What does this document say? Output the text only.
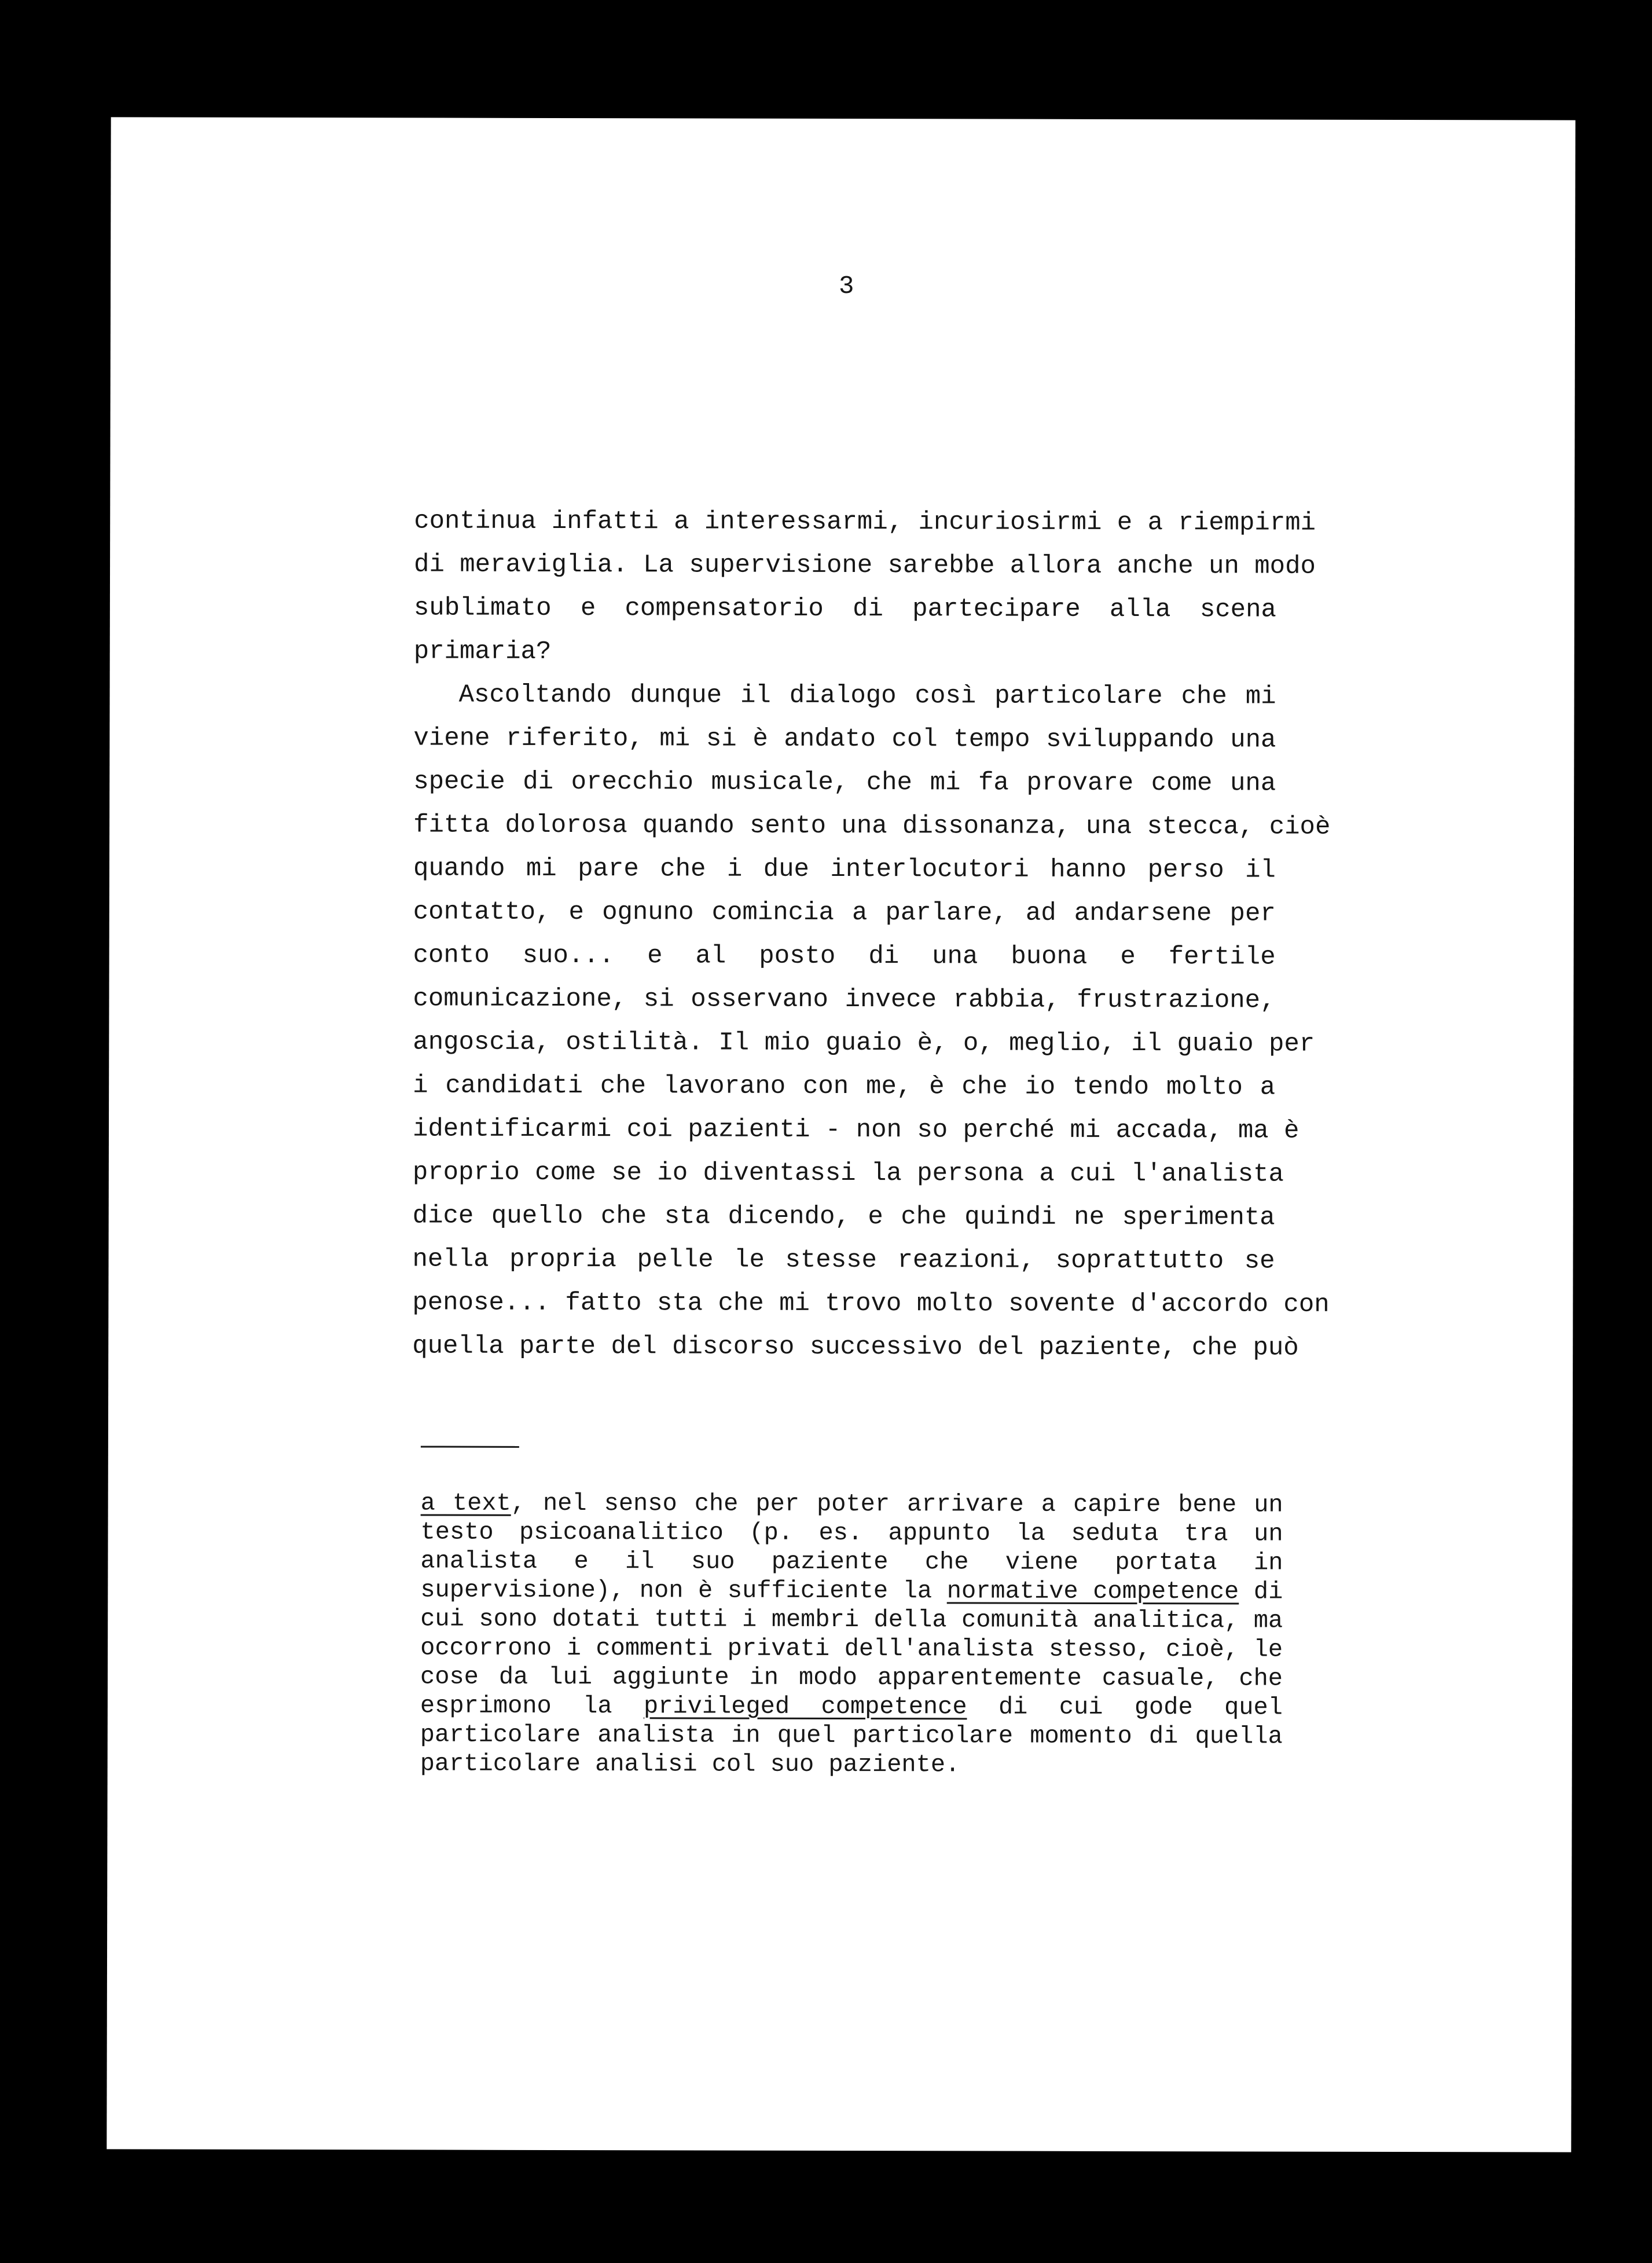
3
continua infatti a interessarmi, incuriosirmi e a riempirmi
di meraviglia. La supervisione sarebbe allora anche un modo
sublimato e compensatorio di partecipare alla scena
primaria?
Ascoltando dunque il dialogo così particolare che mi
viene riferito, mi si è andato col tempo sviluppando una
specie di orecchio musicale, che mi fa provare come una
fitta dolorosa quando sento una dissonanza, una stecca, cioè
quando mi pare che i due interlocutori hanno perso il
contatto, e ognuno comincia a parlare, ad andarsene per
conto suo... e al posto di una buona e fertile
comunicazione, si osservano invece rabbia, frustrazione,
angoscia, ostilità. Il mio guaio è, o, meglio, il guaio per
i candidati che lavorano con me, è che io tendo molto a
identificarmi coi pazienti - non so perché mi accada, ma è
proprio come se io diventassi la persona a cui l'analista
dice quello che sta dicendo, e che quindi ne sperimenta
nella propria pelle le stesse reazioni, soprattutto se
penose... fatto sta che mi trovo molto sovente d'accordo con
quella parte del discorso successivo del paziente, che può
a text, nel senso che per poter arrivare a capire bene un
testo psicoanalitico (p. es. appunto la seduta tra un
analista e il suo paziente che viene portata in
supervisione), non è sufficiente la normative competence di
cui sono dotati tutti i membri della comunità analitica, ma
occorrono i commenti privati dell'analista stesso, cioè, le
cose da lui aggiunte in modo apparentemente casuale, che
esprimono la privileged competence di cui gode quel
particolare analista in quel particolare momento di quella
particolare analisi col suo paziente.
